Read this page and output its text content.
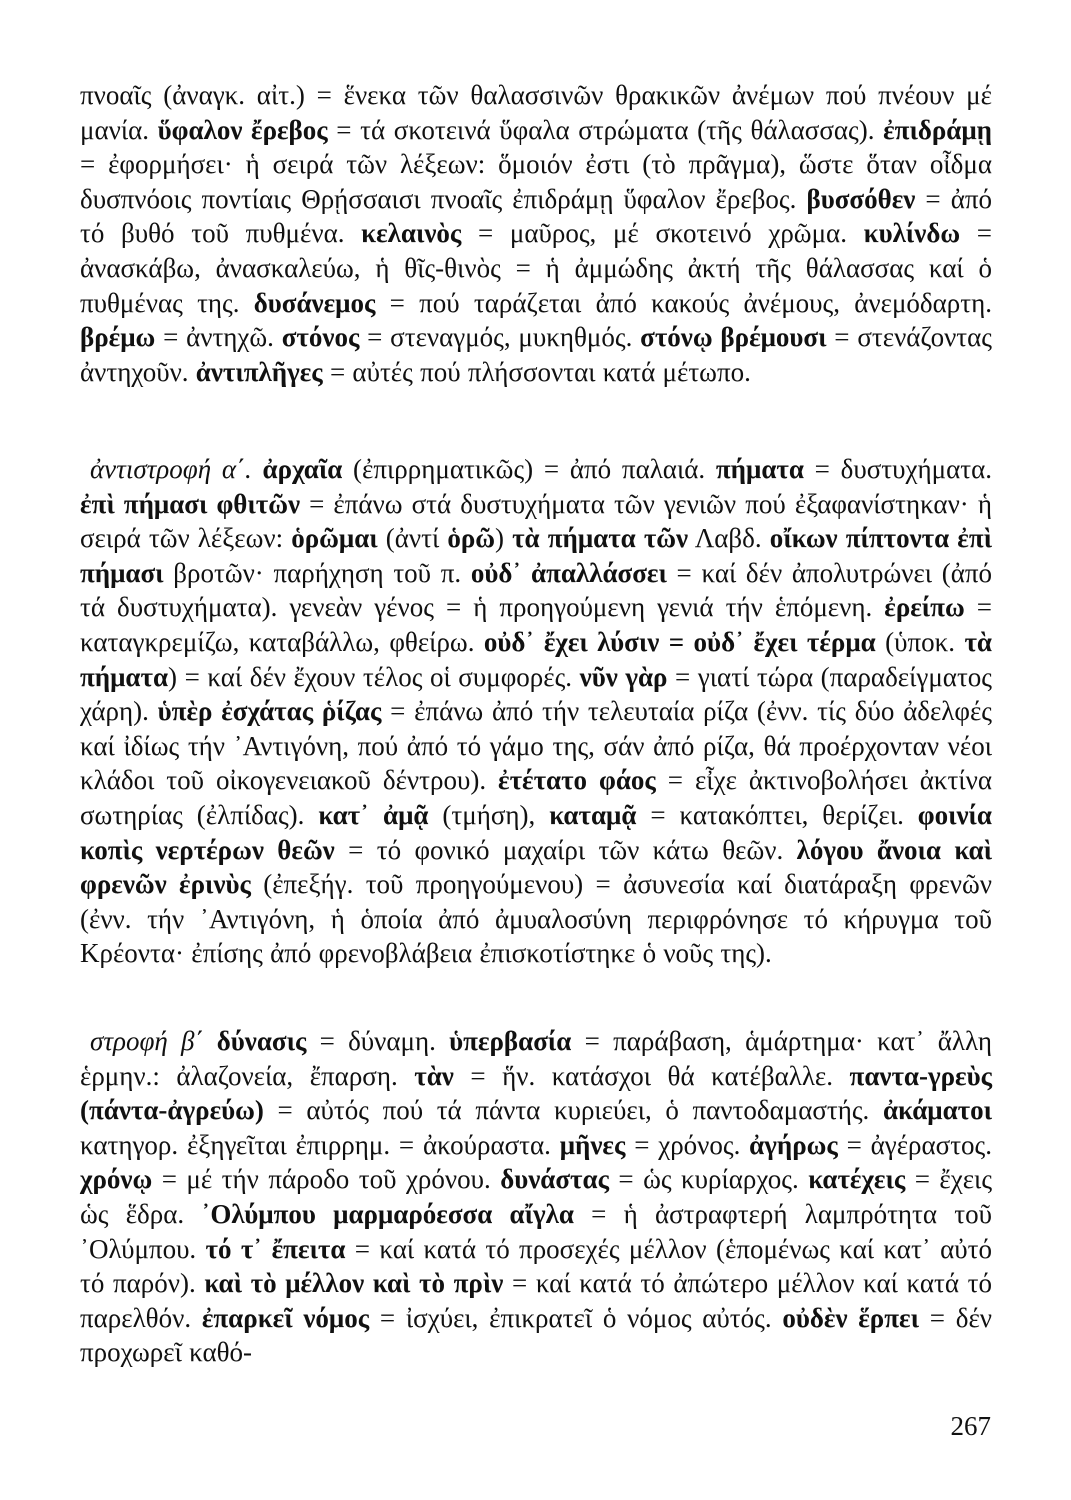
πνοαῖς (ἀναγκ. αἰτ.) = ἕνεκα τῶν θαλασσινῶν θρακικῶν ἀνέμων πού πνέουν μέ μανία. ὕφαλον ἔρεβος = τά σκοτεινά ὕφαλα στρώματα (τῆς θάλασσας). ἐπιδράμῃ = ἐφορμήσει· ἡ σειρά τῶν λέξεων: ὅμοιόν ἐστι (τὸ πρᾶγμα), ὥστε ὅταν οἶδμα δυσπνόοις ποντίαις Θρῄσσαισι πνοαῖς ἐπιδράμῃ ὕφαλον ἔρεβος. βυσσόθεν = ἀπό τό βυθό τοῦ πυθμένα. κελαινὸς = μαῦρος, μέ σκοτεινό χρῶμα. κυλίνδω = ἀνασκάβω, ἀνασκαλεύω, ἡ θῖς-θινὸς = ἡ ἀμμώδης ἀκτή τῆς θάλασσας καί ὁ πυθμένας της. δυσάνεμος = πού ταράζεται ἀπό κακούς ἀνέμους, ἀνεμόδαρτη. βρέμω = ἀντηχῶ. στόνος = στεναγμός, μυκηθμός. στόνῳ βρέμουσι = στενάζοντας ἀντηχοῦν. ἀντιπλῆγες = αὐτές πού πλήσσονται κατά μέτωπο.

ἀντιστροφή α΄. ἀρχαῖα (ἐπιρρηματικῶς) = ἀπό παλαιά. πήματα = δυστυχήματα. ἐπὶ πήμασι φθιτῶν = ἐπάνω στά δυστυχήματα τῶν γενιῶν πού ἐξαφανίστηκαν· ἡ σειρά τῶν λέξεων: ὁρῶμαι (ἀντί ὁρῶ) τὰ πήματα τῶν Λαβδ. οἴκων πίπτοντα ἐπὶ πήμασι βροτῶν· παρήχηση τοῦ π. οὐδ᾽ ἀπαλλάσσει = καί δέν ἀπολυτρώνει (ἀπό τά δυστυχήματα). γενεὰν γένος = ἡ προηγούμενη γενιά τήν ἑπόμενη. ἐρείπω = καταγκρεμίζω, καταβάλλω, φθείρω. οὐδ᾽ ἔχει λύσιν = οὐδ᾽ ἔχει τέρμα (ὑποκ. τὰ πήματα) = καί δέν ἔχουν τέλος οἱ συμφορές. νῦν γὰρ = γιατί τώρα (παραδείγματος χάρη). ὑπὲρ ἐσχάτας ῥίζας = ἐπάνω ἀπό τήν τελευταία ρίζα (ἐνν. τίς δύο ἀδελφές καί ἰδίως τήν ᾿Αντιγόνη, πού ἀπό τό γάμο της, σάν ἀπό ρίζα, θά προέρχονταν νέοι κλάδοι τοῦ οἰκογενειακοῦ δέντρου). ἐτέτατο φάος = εἶχε ἀκτινοβολήσει ἀκτίνα σωτηρίας (ἐλπίδας). κατ᾽ ἀμᾷ (τμήση), καταμᾷ = κατακόπτει, θερίζει. φοινία κοπὶς νερτέρων θεῶν = τό φονικό μαχαίρι τῶν κάτω θεῶν. λόγου ἄνοια καὶ φρενῶν ἐρινὺς (ἐπεξήγ. τοῦ προηγούμενου) = ἀσυνεσία καί διατάραξη φρενῶν (ἐνν. τήν ᾿Αντιγόνη, ἡ ὁποία ἀπό ἀμυαλοσύνη περιφρόνησε τό κήρυγμα τοῦ Κρέοντα· ἐπίσης ἀπό φρενοβλάβεια ἐπισκοτίστηκε ὁ νοῦς της).

στροφή β΄ δύνασις = δύναμη. ὑπερβασία = παράβαση, ἁμάρτημα· κατ᾽ ἄλλη ἑρμην.: ἀλαζονεία, ἔπαρση. τὰν = ἥν. κατάσχοι θά κατέβαλλε. παντα-γρεὺς (πάντα-ἀγρεύω) = αὐτός πού τά πάντα κυριεύει, ὁ παντοδαμαστής. ἀκάματοι κατηγορ. ἐξηγεῖται ἐπιρρημ. = ἀκούραστα. μῆνες = χρόνος. ἀγήρως = ἀγέραστος. χρόνῳ = μέ τήν πάροδο τοῦ χρόνου. δυνάστας = ὡς κυρίαρχος. κατέχεις = ἔχεις ὡς ἕδρα. ᾿Ολύμπου μαρμαρόεσσα αἴγλα = ἡ ἀστραφτερή λαμπρότητα τοῦ ᾿Ολύμπου. τό τ᾽ ἔπειτα = καί κατά τό προσεχές μέλλον (ἑπομένως καί κατ᾽ αὐτό τό παρόν). καὶ τὸ μέλλον καὶ τὸ πρὶν = καί κατά τό ἀπώτερο μέλλον καί κατά τό παρελθόν. ἐπαρκεῖ νόμος = ἰσχύει, ἐπικρατεῖ ὁ νόμος αὐτός. οὐδὲν ἕρπει = δέν προχωρεῖ καθό-

267
